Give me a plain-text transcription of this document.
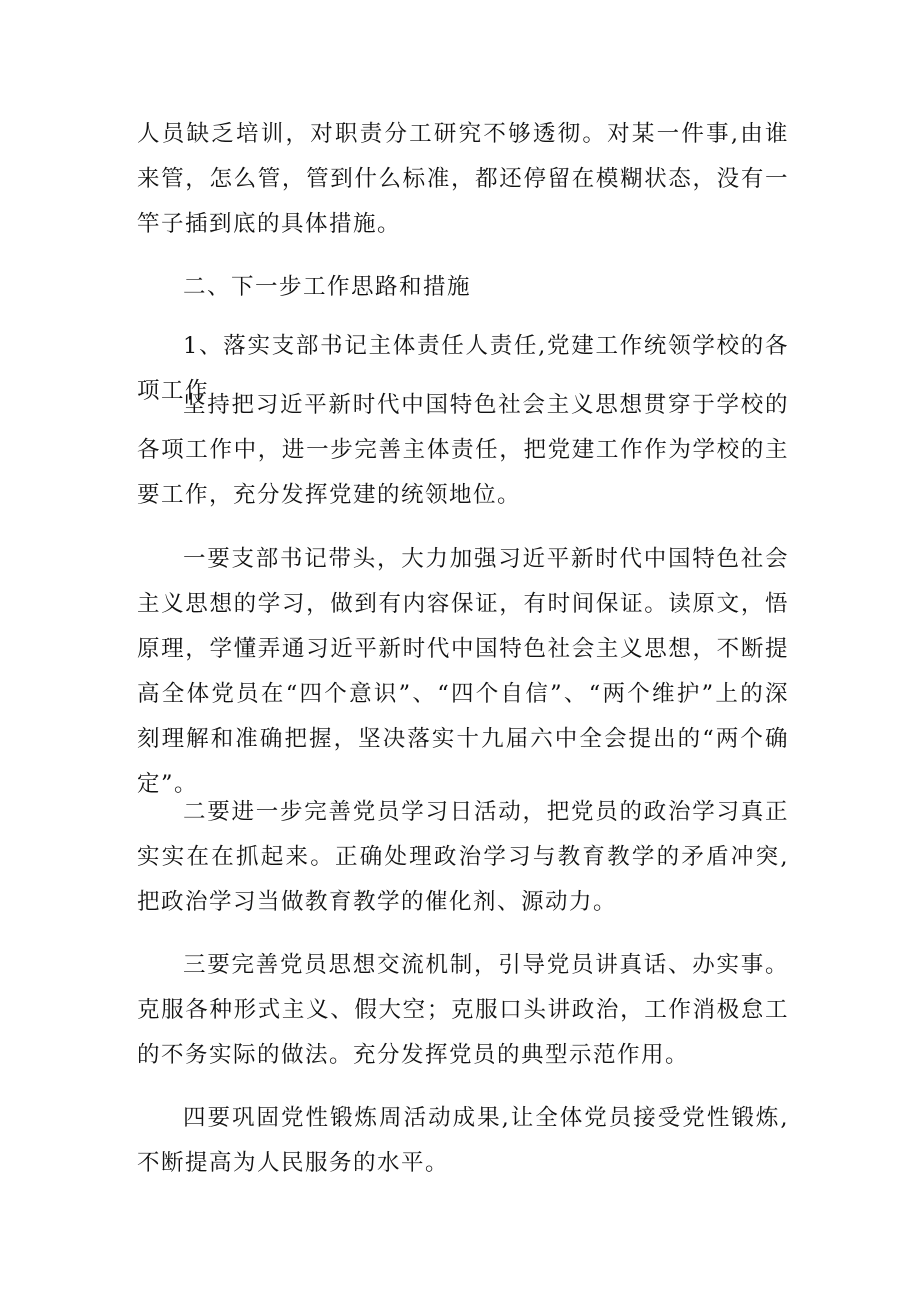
人员缺乏培训，对职责分工研究不够透彻。对某一件事,由谁来管，怎么管，管到什么标准，都还停留在模糊状态，没有一竿子插到底的具体措施。

二、下一步工作思路和措施

1、落实支部书记主体责任人责任,党建工作统领学校的各项工作

坚持把习近平新时代中国特色社会主义思想贯穿于学校的各项工作中，进一步完善主体责任，把党建工作作为学校的主要工作，充分发挥党建的统领地位。

一要支部书记带头，大力加强习近平新时代中国特色社会主义思想的学习，做到有内容保证，有时间保证。读原文，悟原理，学懂弄通习近平新时代中国特色社会主义思想，不断提高全体党员在“四个意识”、“四个自信”、“两个维护”上的深刻理解和准确把握，坚决落实十九届六中全会提出的“两个确定”。

二要进一步完善党员学习日活动，把党员的政治学习真正实实在在抓起来。正确处理政治学习与教育教学的矛盾冲突,把政治学习当做教育教学的催化剂、源动力。

三要完善党员思想交流机制，引导党员讲真话、办实事。克服各种形式主义、假大空；克服口头讲政治，工作消极怠工的不务实际的做法。充分发挥党员的典型示范作用。

四要巩固党性锻炼周活动成果,让全体党员接受党性锻炼,不断提高为人民服务的水平。
